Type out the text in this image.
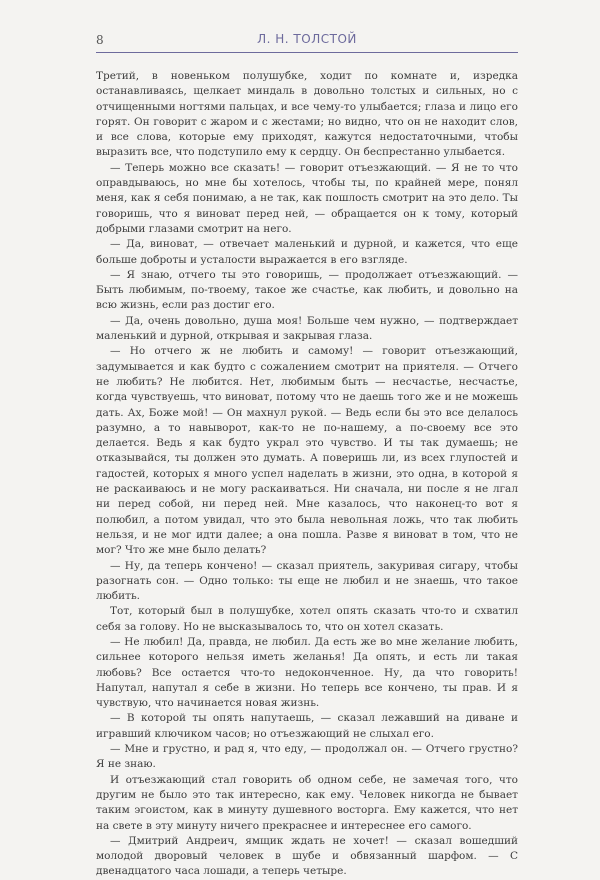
8	Л. Н. ТОЛСТОЙ

Третий, в новеньком полушубке, ходит по комнате и, изредка останавливаясь, щелкает миндаль в довольно толстых и сильных, но с отчищенными ногтями пальцах, и все чему-то улыбается; глаза и лицо его горят. Он говорит с жаром и с жестами; но видно, что он не находит слов, и все слова, которые ему приходят, кажутся недостаточными, чтобы выразить все, что подступило ему к сердцу. Он беспрестанно улыбается.

— Теперь можно все сказать! — говорит отъезжающий. — Я не то что оправдываюсь, но мне бы хотелось, чтобы ты, по крайней мере, понял меня, как я себя понимаю, а не так, как пошлость смотрит на это дело. Ты говоришь, что я виноват перед ней, — обращается он к тому, который добрыми глазами смотрит на него.

— Да, виноват, — отвечает маленький и дурной, и кажется, что еще больше доброты и усталости выражается в его взгляде.

— Я знаю, отчего ты это говоришь, — продолжает отъезжающий. — Быть любимым, по-твоему, такое же счастье, как любить, и довольно на всю жизнь, если раз достиг его.

— Да, очень довольно, душа моя! Больше чем нужно, — подтверждает маленький и дурной, открывая и закрывая глаза.

— Но отчего ж не любить и самому! — говорит отъезжающий, задумывается и как будто с сожалением смотрит на приятеля. — Отчего не любить? Не любится. Нет, любимым быть — несчастье, несчастье, когда чувствуешь, что виноват, потому что не даешь того же и не можешь дать. Ах, Боже мой! — Он махнул рукой. — Ведь если бы это все делалось разумно, а то навыворот, как-то не по-нашему, а по-своему все это делается. Ведь я как будто украл это чувство. И ты так думаешь; не отказывайся, ты должен это думать. А поверишь ли, из всех глупостей и гадостей, которых я много успел наделать в жизни, это одна, в которой я не раскаиваюсь и не могу раскаиваться. Ни сначала, ни после я не лгал ни перед собой, ни перед ней. Мне казалось, что наконец-то вот я полюбил, а потом увидал, что это была невольная ложь, что так любить нельзя, и не мог идти далее; а она пошла. Разве я виноват в том, что не мог? Что же мне было делать?

— Ну, да теперь кончено! — сказал приятель, закуривая сигару, чтобы разогнать сон. — Одно только: ты еще не любил и не знаешь, что такое любить.

Тот, который был в полушубке, хотел опять сказать что-то и схватил себя за голову. Но не высказывалось то, что он хотел сказать.

— Не любил! Да, правда, не любил. Да есть же во мне желание любить, сильнее которого нельзя иметь желанья! Да опять, и есть ли такая любовь? Все остается что-то недоконченное. Ну, да что говорить! Напутал, напутал я себе в жизни. Но теперь все кончено, ты прав. И я чувствую, что начинается новая жизнь.

— В которой ты опять напутаешь, — сказал лежавший на диване и игравший ключиком часов; но отъезжающий не слыхал его.

— Мне и грустно, и рад я, что еду, — продолжал он. — Отчего грустно? Я не знаю.

И отъезжающий стал говорить об одном себе, не замечая того, что другим не было это так интересно, как ему. Человек никогда не бывает таким эгоистом, как в минуту душевного восторга. Ему кажется, что нет на свете в эту минуту ничего прекраснее и интереснее его самого.

— Дмитрий Андреич, ямщик ждать не хочет! — сказал вошедший молодой дворовый человек в шубе и обвязанный шарфом. — С двенадцатого часа лошади, а теперь четыре.
